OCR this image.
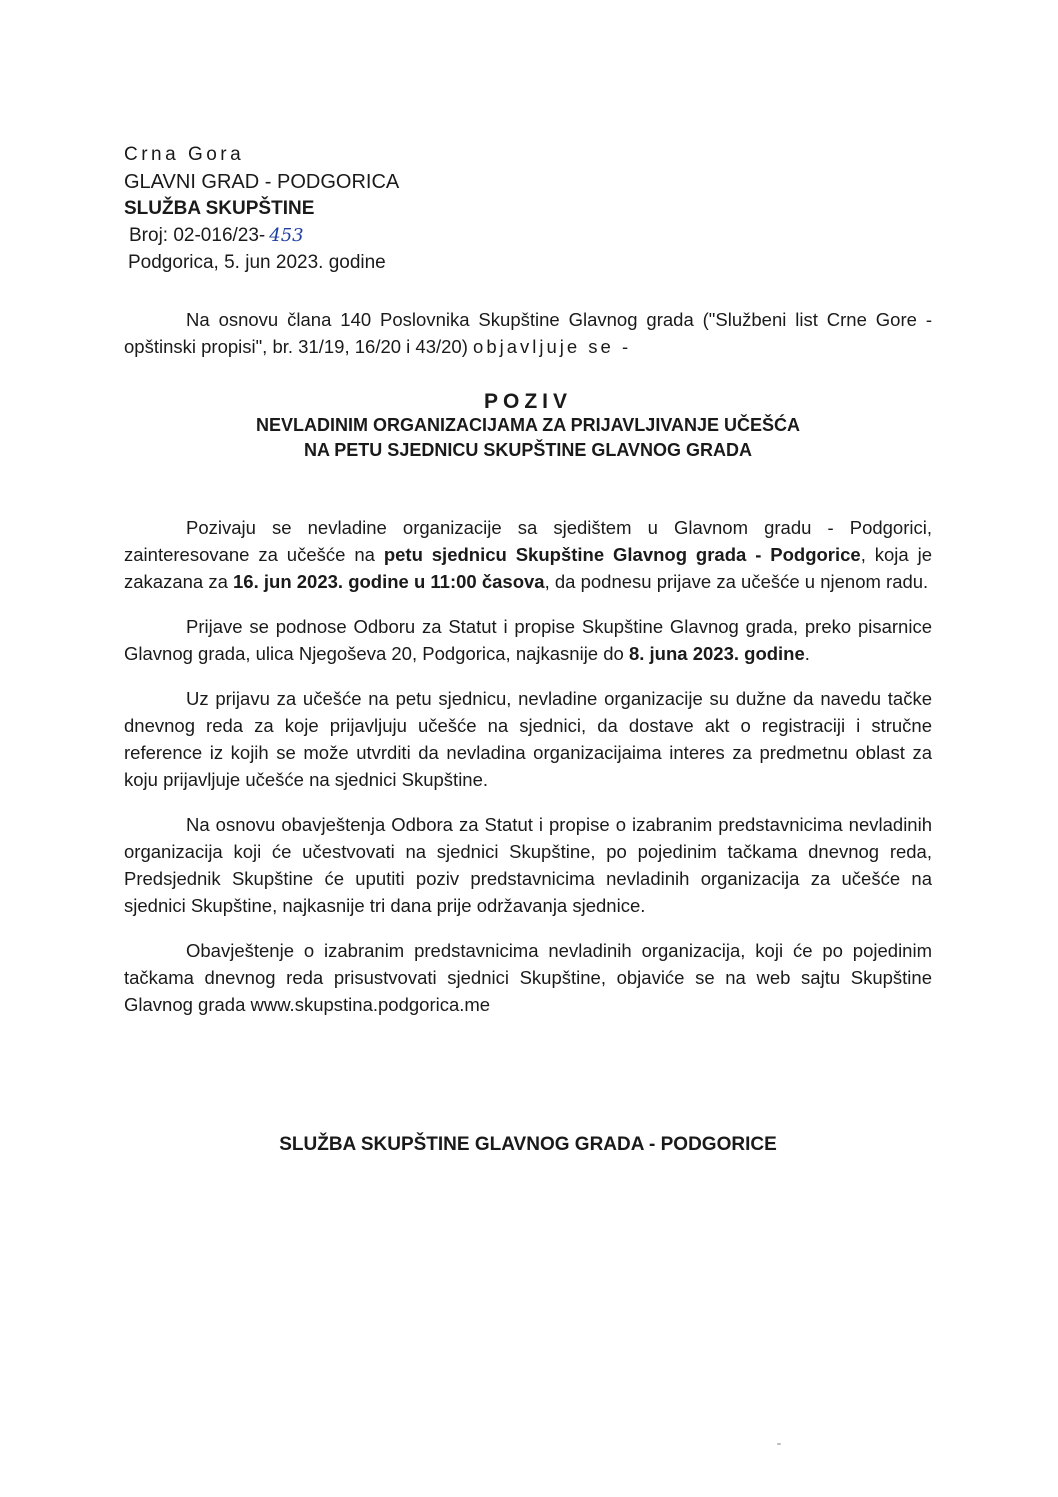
Crna Gora
GLAVNI GRAD - PODGORICA
SLUŽBA SKUPŠTINE
Broj: 02-016/23- 453
Podgorica, 5. jun 2023. godine
Na osnovu člana 140 Poslovnika Skupštine Glavnog grada ("Službeni list Crne Gore - opštinski propisi", br. 31/19, 16/20 i 43/20) objavljuje se -
POZIV
NEVLADINIM ORGANIZACIJAMA ZA PRIJAVLJIVANJE UČEŠĆA
NA PETU SJEDNICU SKUPŠTINE GLAVNOG GRADA

Pozivaju se nevladine organizacije sa sjedištem u Glavnom gradu - Podgorici, zainteresovane za učešće na petu sjednicu Skupštine Glavnog grada - Podgorice, koja je zakazana za 16. jun 2023. godine u 11:00 časova, da podnesu prijave za učešće u njenom radu.

Prijave se podnose Odboru za Statut i propise Skupštine Glavnog grada, preko pisarnice Glavnog grada, ulica Njegoševa 20, Podgorica, najkasnije do 8. juna 2023. godine.

Uz prijavu za učešće na petu sjednicu, nevladine organizacije su dužne da navedu tačke dnevnog reda za koje prijavljuju učešće na sjednici, da dostave akt o registraciji i stručne reference iz kojih se može utvrditi da nevladina organizacijaima interes za predmetnu oblast za koju prijavljuje učešće na sjednici Skupštine.

Na osnovu obavještenja Odbora za Statut i propise o izabranim predstavnicima nevladinih organizacija koji će učestvovati na sjednici Skupštine, po pojedinim tačkama dnevnog reda, Predsjednik Skupštine će uputiti poziv predstavnicima nevladinih organizacija za učešće na sjednici Skupštine, najkasnije tri dana prije održavanja sjednice.

Obavještenje o izabranim predstavnicima nevladinih organizacija, koji će po pojedinim tačkama dnevnog reda prisustvovati sjednici Skupštine, objaviće se na web sajtu Skupštine Glavnog grada www.skupstina.podgorica.me

SLUŽBA SKUPŠTINE GLAVNOG GRADA - PODGORICE
